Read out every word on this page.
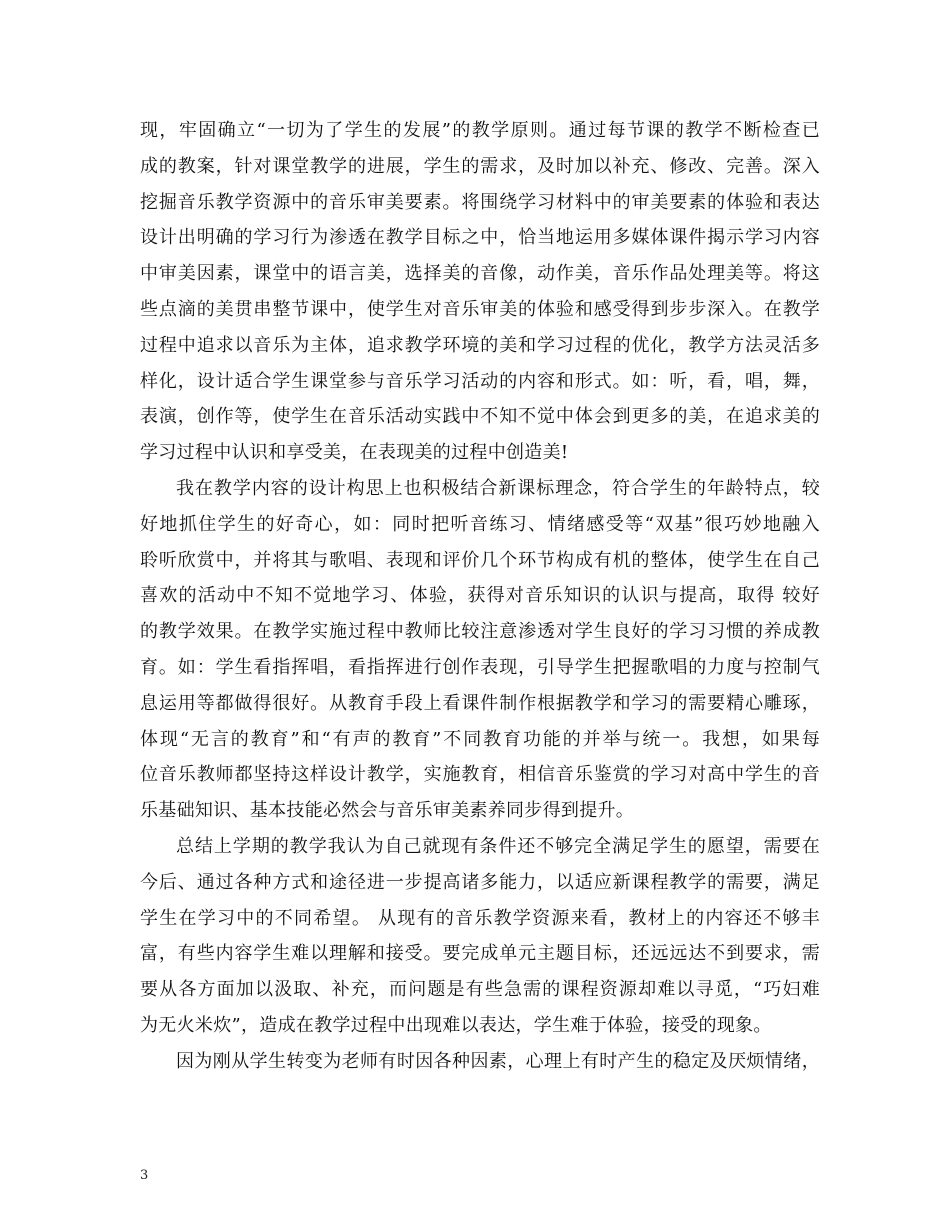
现，牢固确立“一切为了学生的发展”的教学原则。通过每节课的教学不断检查已
成的教案，针对课堂教学的进展，学生的需求，及时加以补充、修改、完善。深入
挖掘音乐教学资源中的音乐审美要素。将围绕学习材料中的审美要素的体验和表达
设计出明确的学习行为渗透在教学目标之中，恰当地运用多媒体课件揭示学习内容
中审美因素，课堂中的语言美，选择美的音像，动作美，音乐作品处理美等。将这
些点滴的美贯串整节课中，使学生对音乐审美的体验和感受得到步步深入。在教学
过程中追求以音乐为主体，追求教学环境的美和学习过程的优化，教学方法灵活多
样化，设计适合学生课堂参与音乐学习活动的内容和形式。如：听，看，唱，舞，
表演，创作等，使学生在音乐活动实践中不知不觉中体会到更多的美，在追求美的
学习过程中认识和享受美，在表现美的过程中创造美!
我在教学内容的设计构思上也积极结合新课标理念，符合学生的年龄特点，较
好地抓住学生的好奇心，如：同时把听音练习、情绪感受等“双基”很巧妙地融入
聆听欣赏中，并将其与歌唱、表现和评价几个环节构成有机的整体，使学生在自己
喜欢的活动中不知不觉地学习、体验，获得对音乐知识的认识与提高，取得 较好
的教学效果。在教学实施过程中教师比较注意渗透对学生良好的学习习惯的养成教
育。如：学生看指挥唱，看指挥进行创作表现，引导学生把握歌唱的力度与控制气
息运用等都做得很好。从教育手段上看课件制作根据教学和学习的需要精心雕琢，
体现“无言的教育”和“有声的教育”不同教育功能的并举与统一。我想，如果每
位音乐教师都坚持这样设计教学，实施教育，相信音乐鉴赏的学习对高中学生的音
乐基础知识、基本技能必然会与音乐审美素养同步得到提升。
总结上学期的教学我认为自己就现有条件还不够完全满足学生的愿望，需要在
今后、通过各种方式和途径进一步提高诸多能力，以适应新课程教学的需要，满足
学生在学习中的不同希望。 从现有的音乐教学资源来看，教材上的内容还不够丰
富，有些内容学生难以理解和接受。要完成单元主题目标，还远远达不到要求，需
要从各方面加以汲取、补充，而问题是有些急需的课程资源却难以寻觅，“巧妇难
为无火米炊”，造成在教学过程中出现难以表达，学生难于体验，接受的现象。
因为刚从学生转变为老师有时因各种因素，心理上有时产生的稳定及厌烦情绪，
3
